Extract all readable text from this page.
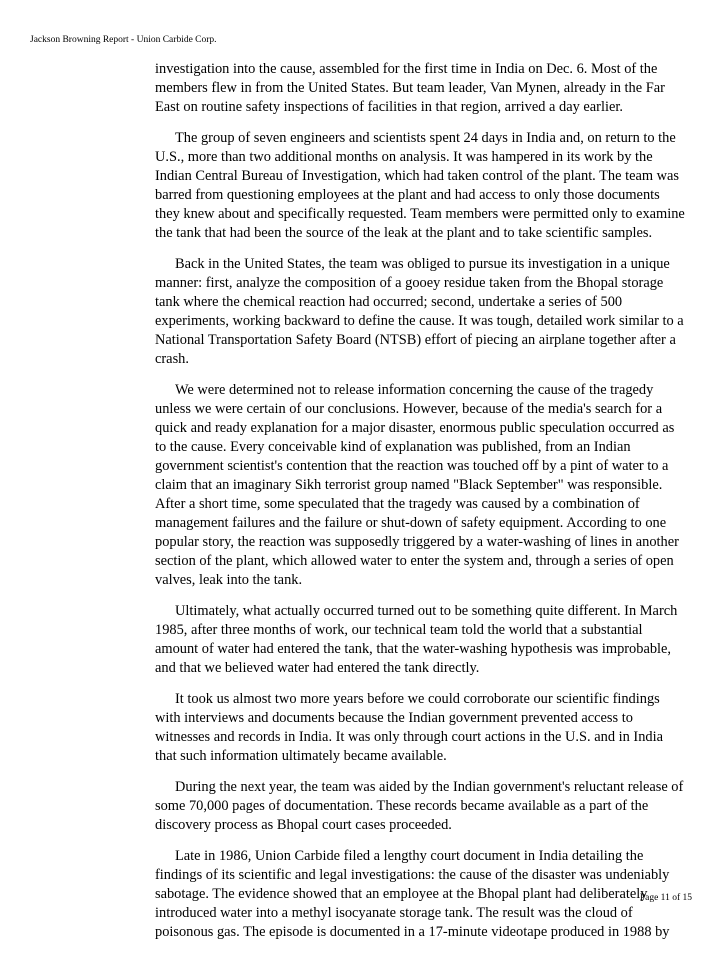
Jackson Browning Report - Union Carbide Corp.

investigation into the cause, assembled for the first time in India on Dec. 6. Most of the members flew in from the United States. But team leader, Van Mynen, already in the Far East on routine safety inspections of facilities in that region, arrived a day earlier.

The group of seven engineers and scientists spent 24 days in India and, on return to the U.S., more than two additional months on analysis. It was hampered in its work by the Indian Central Bureau of Investigation, which had taken control of the plant. The team was barred from questioning employees at the plant and had access to only those documents they knew about and specifically requested. Team members were permitted only to examine the tank that had been the source of the leak at the plant and to take scientific samples.

Back in the United States, the team was obliged to pursue its investigation in a unique manner: first, analyze the composition of a gooey residue taken from the Bhopal storage tank where the chemical reaction had occurred; second, undertake a series of 500 experiments, working backward to define the cause. It was tough, detailed work similar to a National Transportation Safety Board (NTSB) effort of piecing an airplane together after a crash.

We were determined not to release information concerning the cause of the tragedy unless we were certain of our conclusions. However, because of the media's search for a quick and ready explanation for a major disaster, enormous public speculation occurred as to the cause. Every conceivable kind of explanation was published, from an Indian government scientist's contention that the reaction was touched off by a pint of water to a claim that an imaginary Sikh terrorist group named "Black September" was responsible. After a short time, some speculated that the tragedy was caused by a combination of management failures and the failure or shut-down of safety equipment. According to one popular story, the reaction was supposedly triggered by a water-washing of lines in another section of the plant, which allowed water to enter the system and, through a series of open valves, leak into the tank.

Ultimately, what actually occurred turned out to be something quite different. In March 1985, after three months of work, our technical team told the world that a substantial amount of water had entered the tank, that the water-washing hypothesis was improbable, and that we believed water had entered the tank directly.

It took us almost two more years before we could corroborate our scientific findings with interviews and documents because the Indian government prevented access to witnesses and records in India. It was only through court actions in the U.S. and in India that such information ultimately became available.

During the next year, the team was aided by the Indian government's reluctant release of some 70,000 pages of documentation. These records became available as a part of the discovery process as Bhopal court cases proceeded.

Late in 1986, Union Carbide filed a lengthy court document in India detailing the findings of its scientific and legal investigations: the cause of the disaster was undeniably sabotage. The evidence showed that an employee at the Bhopal plant had deliberately introduced water into a methyl isocyanate storage tank. The result was the cloud of poisonous gas. The episode is documented in a 17-minute videotape produced in 1988 by

Page 11 of 15
